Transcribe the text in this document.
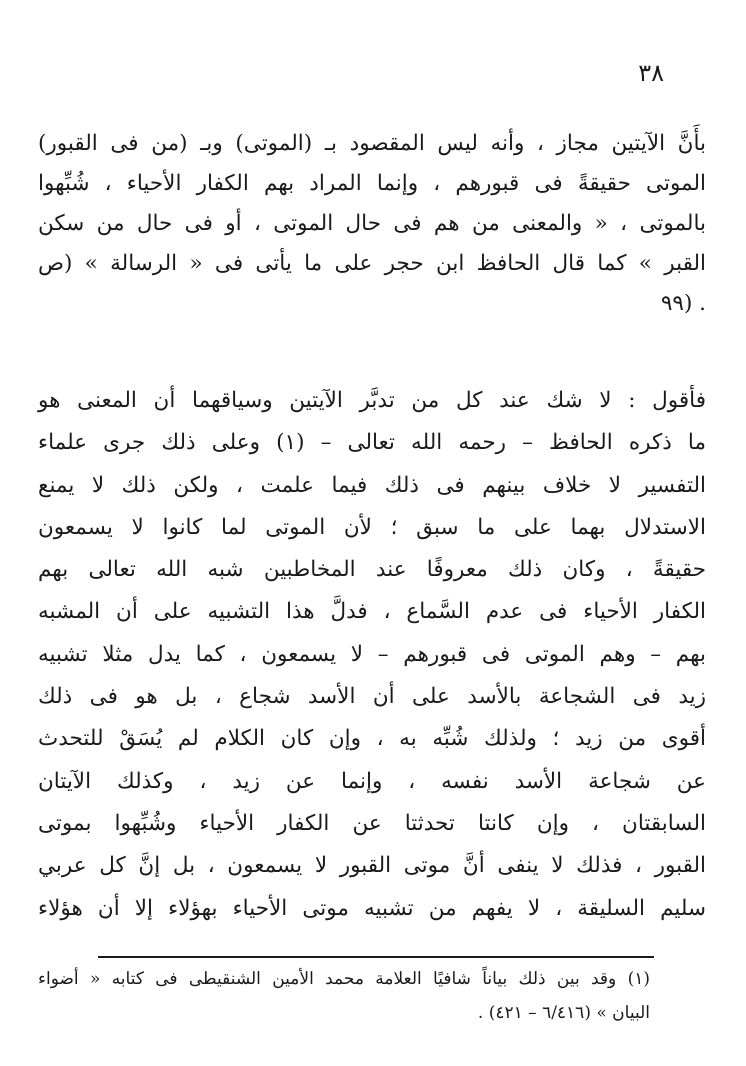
٣٨
بأَنَّ الآيتين مجاز ، وأنه ليس المقصود بـ (الموتى) وبـ (من فى القبور)
الموتى حقيقةً فى قبورهم ، وإنما المراد بهم الكفار الأحياء ، شُبِّهوا
بالموتى ، « والمعنى من هم فى حال الموتى ، أو فى حال من سكن
القبر » كما قال الحافظ ابن حجر على ما يأتى فى « الرسالة » (ص
. (٩٩
فأقول : لا شك عند كل من تدبَّر الآيتين وسياقهما أن المعنى هو
ما ذكره الحافظ – رحمه الله تعالى – (١) وعلى ذلك جرى علماء
التفسير لا خلاف بينهم فى ذلك فيما علمت ، ولكن ذلك لا يمنع
الاستدلال بهما على ما سبق ؛ لأن الموتى لما كانوا لا يسمعون
حقيقةً ، وكان ذلك معروفًا عند المخاطبين شبه الله تعالى بهم
الكفار الأحياء فى عدم السَّماع ، فدلَّ هذا التشبيه على أن المشبه
بهم – وهم الموتى فى قبورهم – لا يسمعون ، كما يدل مثلا تشبيه
زيد فى الشجاعة بالأسد على أن الأسد شجاع ، بل هو فى ذلك
أقوى من زيد ؛ ولذلك شُبِّه به ، وإن كان الكلام لم يُسَقْ للتحدث
عن شجاعة الأسد نفسه ، وإنما عن زيد ، وكذلك الآيتان
السابقتان ، وإن كانتا تحدثتا عن الكفار الأحياء وشُبِّهوا بموتى
القبور ، فذلك لا ينفى أنَّ موتى القبور لا يسمعون ، بل إنَّ كل عربي
سليم السليقة ، لا يفهم من تشبيه موتى الأحياء بهؤلاء إلا أن هؤلاء
(١) وقد بين ذلك بياناً شافيًا العلامة محمد الأمين الشنقيطى فى كتابه « أضواء
البيان » (٦/٤١٦ – ٤٢١) .
